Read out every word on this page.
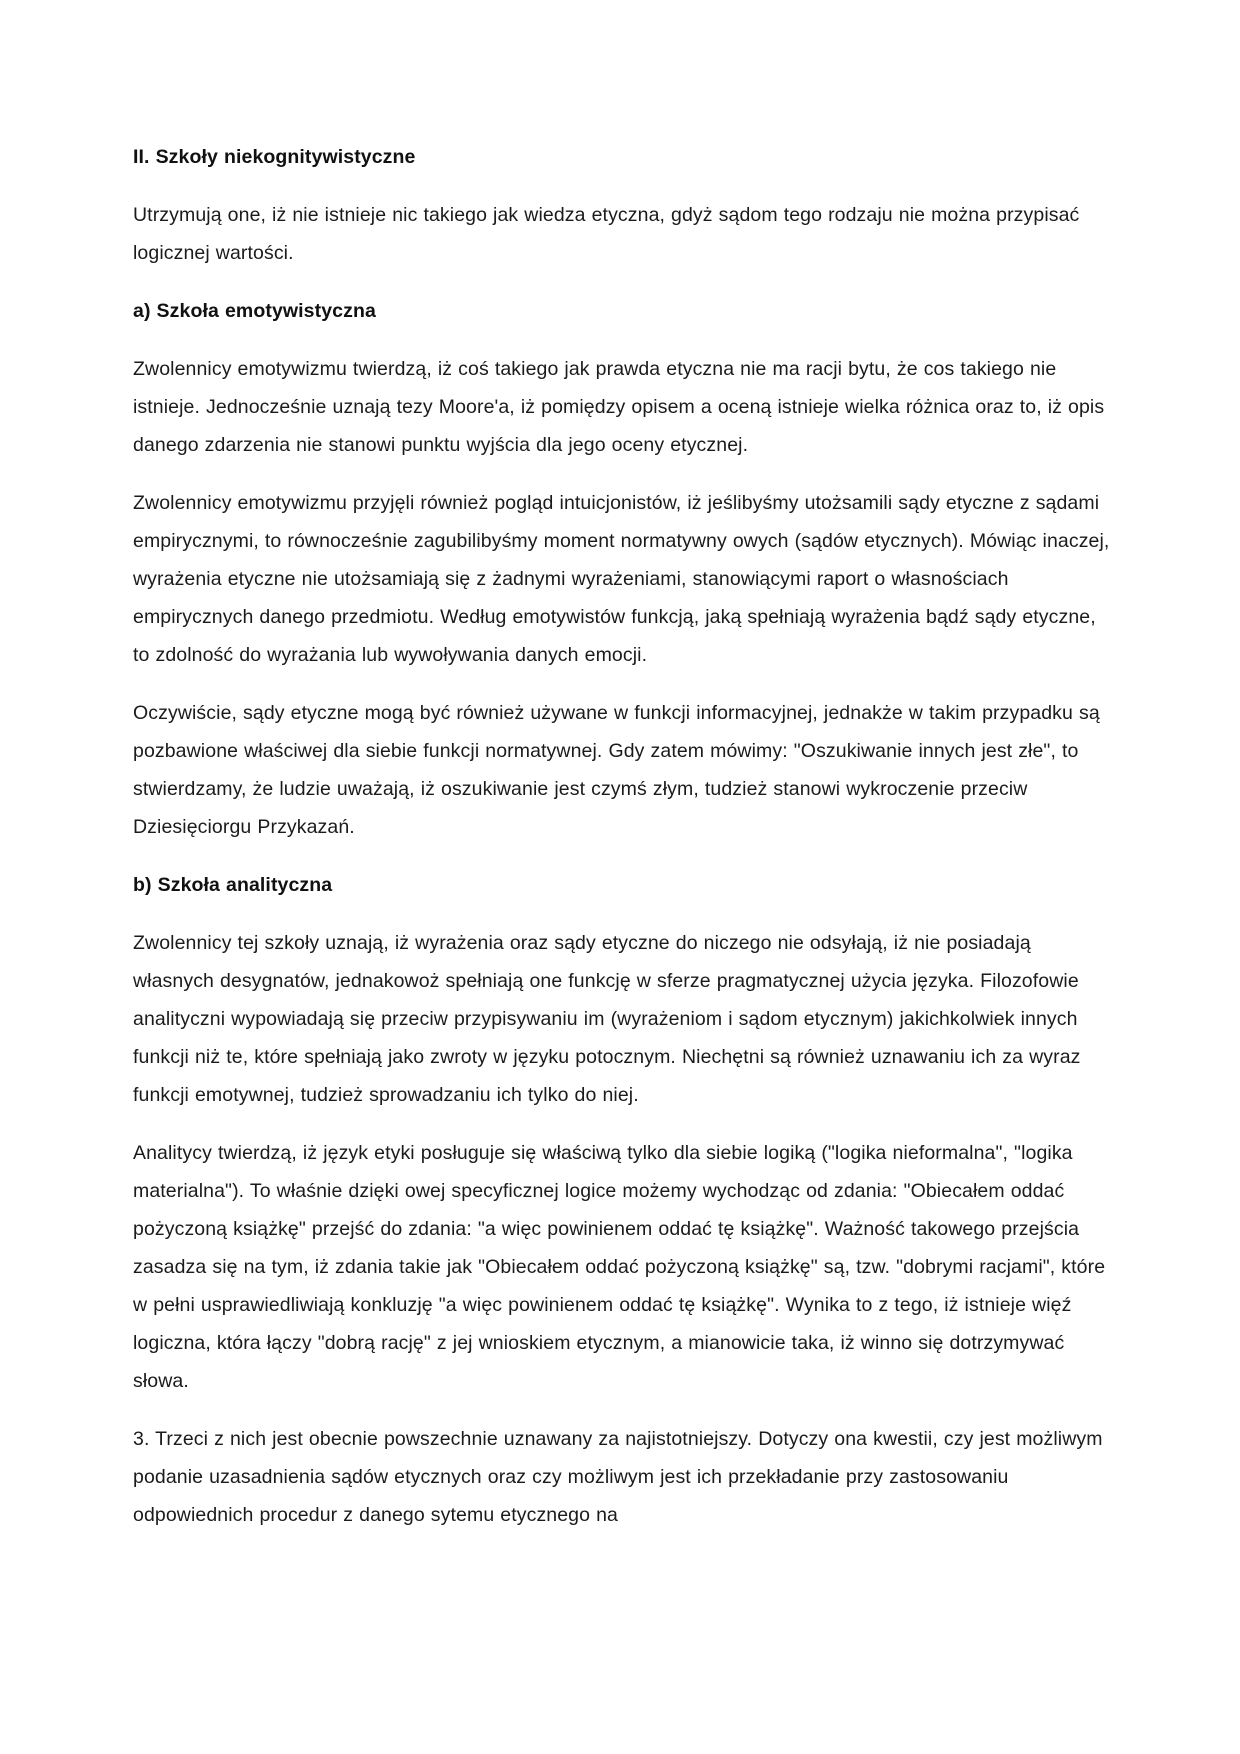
II. Szkoły niekognitywistyczne

Utrzymują one, iż nie istnieje nic takiego jak wiedza etyczna, gdyż sądom tego rodzaju nie można przypisać logicznej wartości.

a) Szkoła emotywistyczna

Zwolennicy emotywizmu twierdzą, iż coś takiego jak prawda etyczna nie ma racji bytu, że cos takiego nie istnieje. Jednocześnie uznają tezy Moore'a, iż pomiędzy opisem a oceną istnieje wielka różnica oraz to, iż opis danego zdarzenia nie stanowi punktu wyjścia dla jego oceny etycznej.

Zwolennicy emotywizmu przyjęli również pogląd intuicjonistów, iż jeślibyśmy utożsamili sądy etyczne z sądami empirycznymi, to równocześnie zagubilibyśmy moment normatywny owych (sądów etycznych). Mówiąc inaczej, wyrażenia etyczne nie utożsamiają się z żadnymi wyrażeniami, stanowiącymi raport o własnościach empirycznych danego przedmiotu. Według emotywistów funkcją, jaką spełniają wyrażenia bądź sądy etyczne, to zdolność do wyrażania lub wywoływania danych emocji.

Oczywiście, sądy etyczne mogą być również używane w funkcji informacyjnej, jednakże w takim przypadku są pozbawione właściwej dla siebie funkcji normatywnej. Gdy zatem mówimy: "Oszukiwanie innych jest złe", to stwierdzamy, że ludzie uważają, iż oszukiwanie jest czymś złym, tudzież stanowi wykroczenie przeciw Dziesięciorgu Przykazań.

b) Szkoła analityczna

Zwolennicy tej szkoły uznają, iż wyrażenia oraz sądy etyczne do niczego nie odsyłają, iż nie posiadają własnych desygnatów, jednakowoż spełniają one funkcję w sferze pragmatycznej użycia języka. Filozofowie analityczni wypowiadają się przeciw przypisywaniu im (wyrażeniom i sądom etycznym) jakichkolwiek innych funkcji niż te, które spełniają jako zwroty w języku potocznym. Niechętni są również uznawaniu ich za wyraz funkcji emotywnej, tudzież sprowadzaniu ich tylko do niej.

Analitycy twierdzą, iż język etyki posługuje się właściwą tylko dla siebie logiką ("logika nieformalna", "logika materialna"). To właśnie dzięki owej specyficznej logice możemy wychodząc od zdania: "Obiecałem oddać pożyczoną książkę" przejść do zdania: "a więc powinienem oddać tę książkę". Ważność takowego przejścia zasadza się na tym, iż zdania takie jak "Obiecałem oddać pożyczoną książkę" są, tzw. "dobrymi racjami", które w pełni usprawiedliwiają konkluzję "a więc powinienem oddać tę książkę". Wynika to z tego, iż istnieje więź logiczna, która łączy "dobrą rację" z jej wnioskiem etycznym, a mianowicie taka, iż winno się dotrzymywać słowa.

3. Trzeci z nich jest obecnie powszechnie uznawany za najistotniejszy. Dotyczy ona kwestii, czy jest możliwym podanie uzasadnienia sądów etycznych oraz czy możliwym jest ich przekładanie przy zastosowaniu odpowiednich procedur z danego sytemu etycznego na
